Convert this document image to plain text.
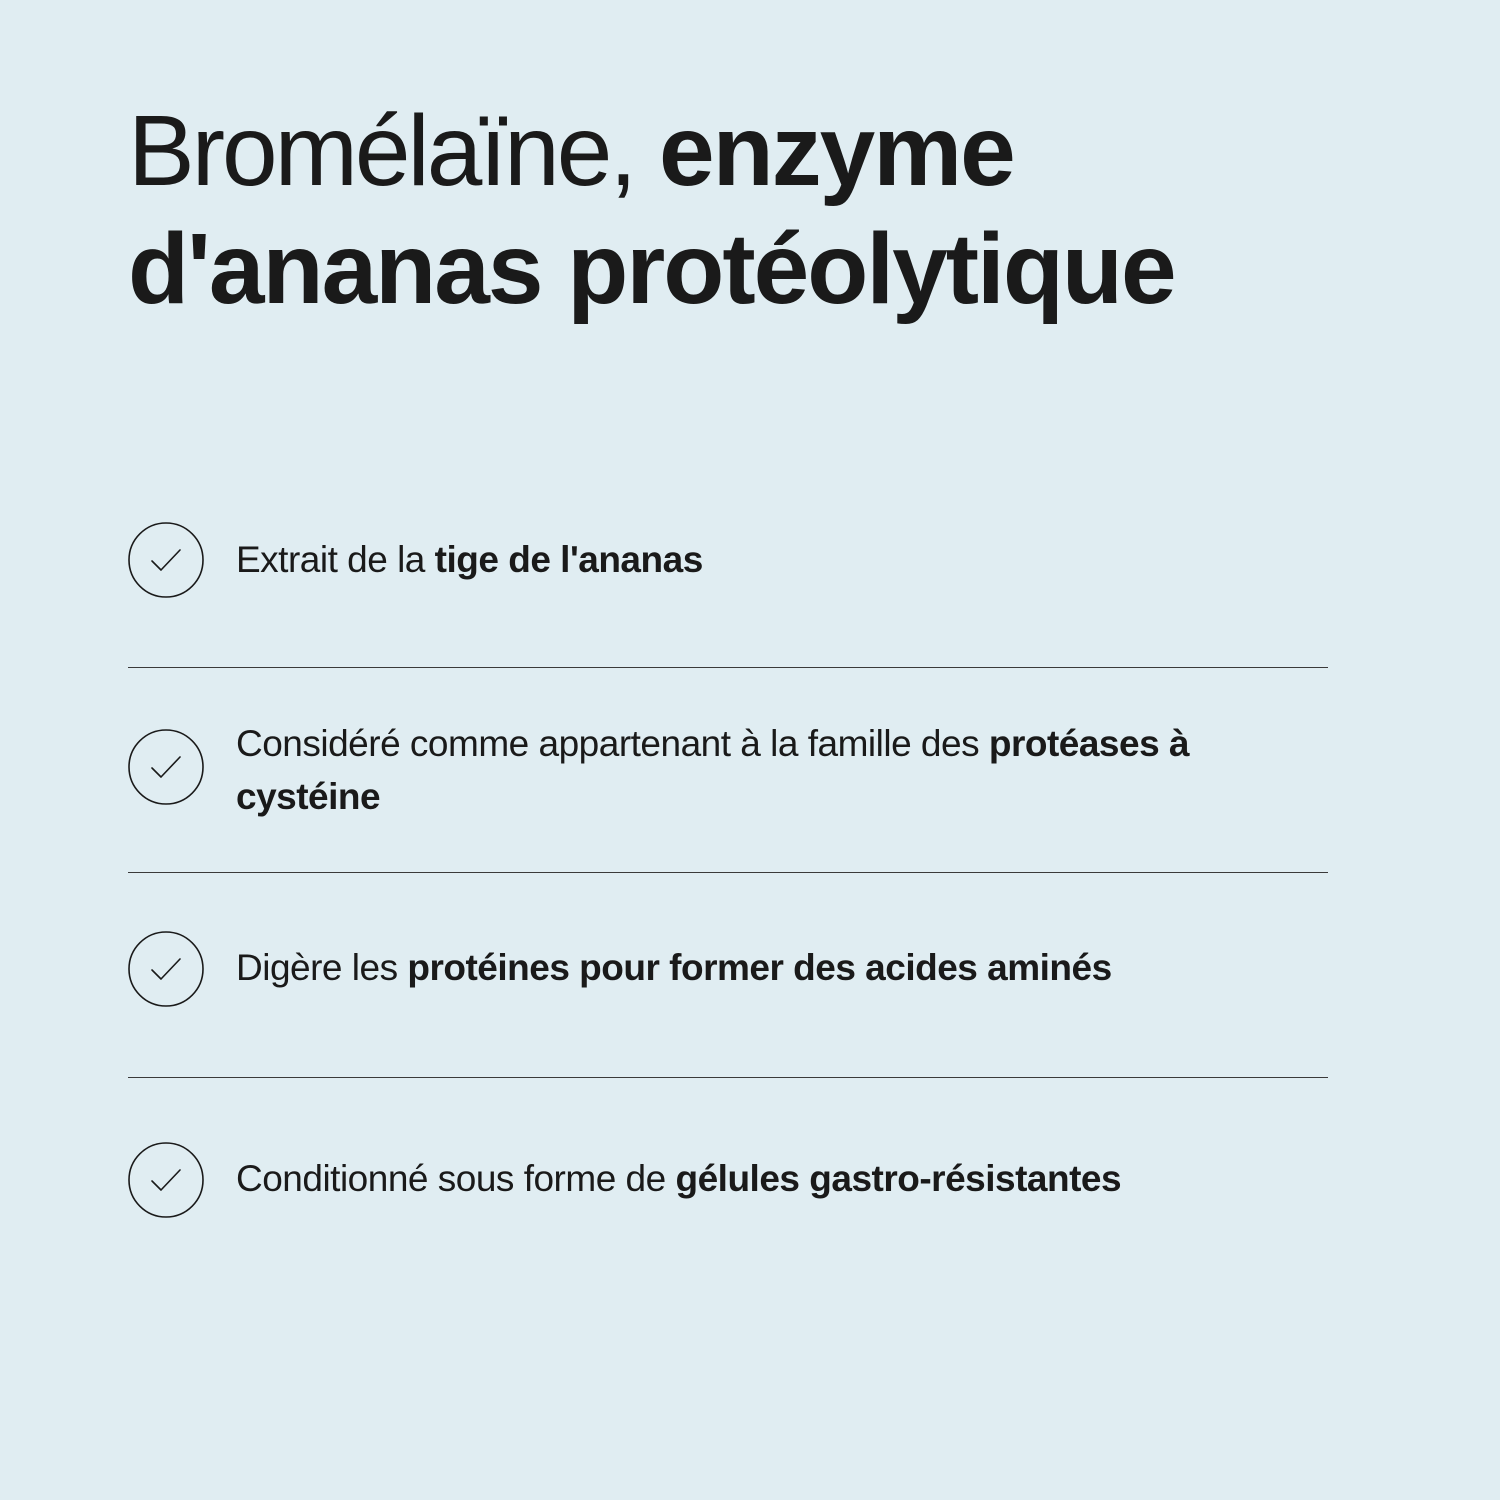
Bromélaïne, enzyme
d'ananas protéolytique
Extrait de la tige de l'ananas
Considéré comme appartenant à la famille des protéases à cystéine
Digère les protéines pour former des acides aminés
Conditionné sous forme de gélules gastro-résistantes
